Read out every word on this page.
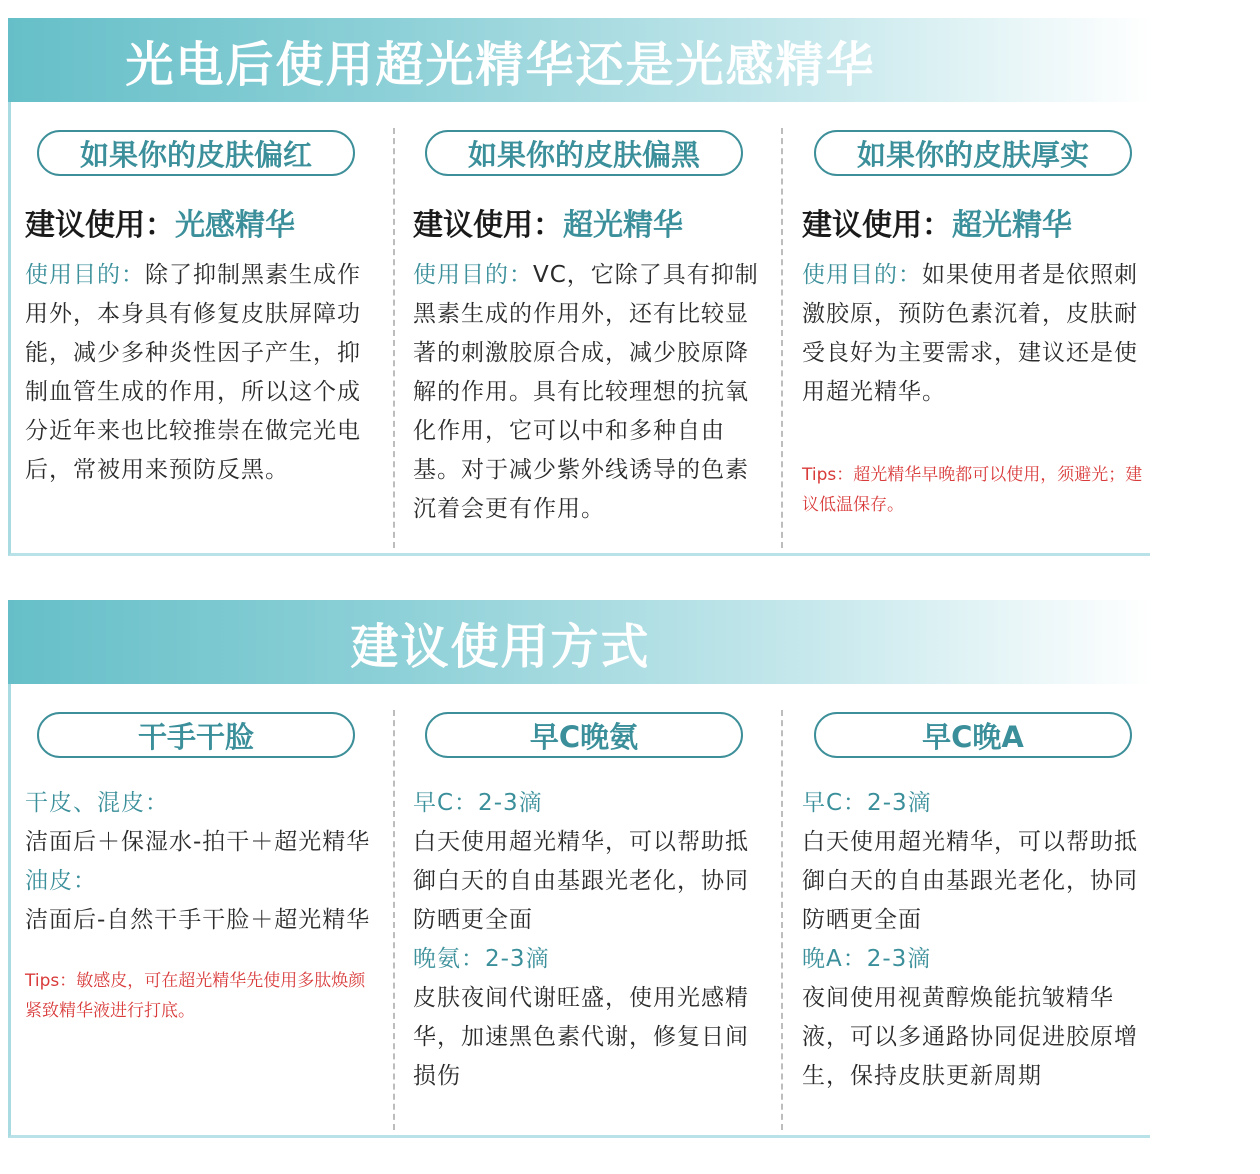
光电后使用超光精华还是光感精华
如果你的皮肤偏红
建议使用：光感精华
使用目的：除了抑制黑素生成作用外，本身具有修复皮肤屏障功能，减少多种炎性因子产生，抑制血管生成的作用，所以这个成分近年来也比较推崇在做完光电后，常被用来预防反黑。
如果你的皮肤偏黑
建议使用：超光精华
使用目的：VC，它除了具有抑制黑素生成的作用外，还有比较显著的刺激胶原合成，减少胶原降解的作用。具有比较理想的抗氧化作用，它可以中和多种自由基。对于减少紫外线诱导的色素沉着会更有作用。
如果你的皮肤厚实
建议使用：超光精华
使用目的：如果使用者是依照刺激胶原，预防色素沉着，皮肤耐受良好为主要需求，建议还是使用超光精华。
Tips：超光精华早晚都可以使用，须避光；建议低温保存。
建议使用方式
干手干脸
干皮、混皮：
洁面后＋保湿水-拍干＋超光精华
油皮：
洁面后-自然干手干脸＋超光精华
Tips：敏感皮，可在超光精华先使用多肽焕颜紧致精华液进行打底。
早C晚氨
早C：2-3滴
白天使用超光精华，可以帮助抵御白天的自由基跟光老化，协同防晒更全面
晚氨：2-3滴
皮肤夜间代谢旺盛，使用光感精华，加速黑色素代谢，修复日间损伤
早C晚A
早C：2-3滴
白天使用超光精华，可以帮助抵御白天的自由基跟光老化，协同防晒更全面
晚A：2-3滴
夜间使用视黄醇焕能抗皱精华液，可以多通路协同促进胶原增生，保持皮肤更新周期
